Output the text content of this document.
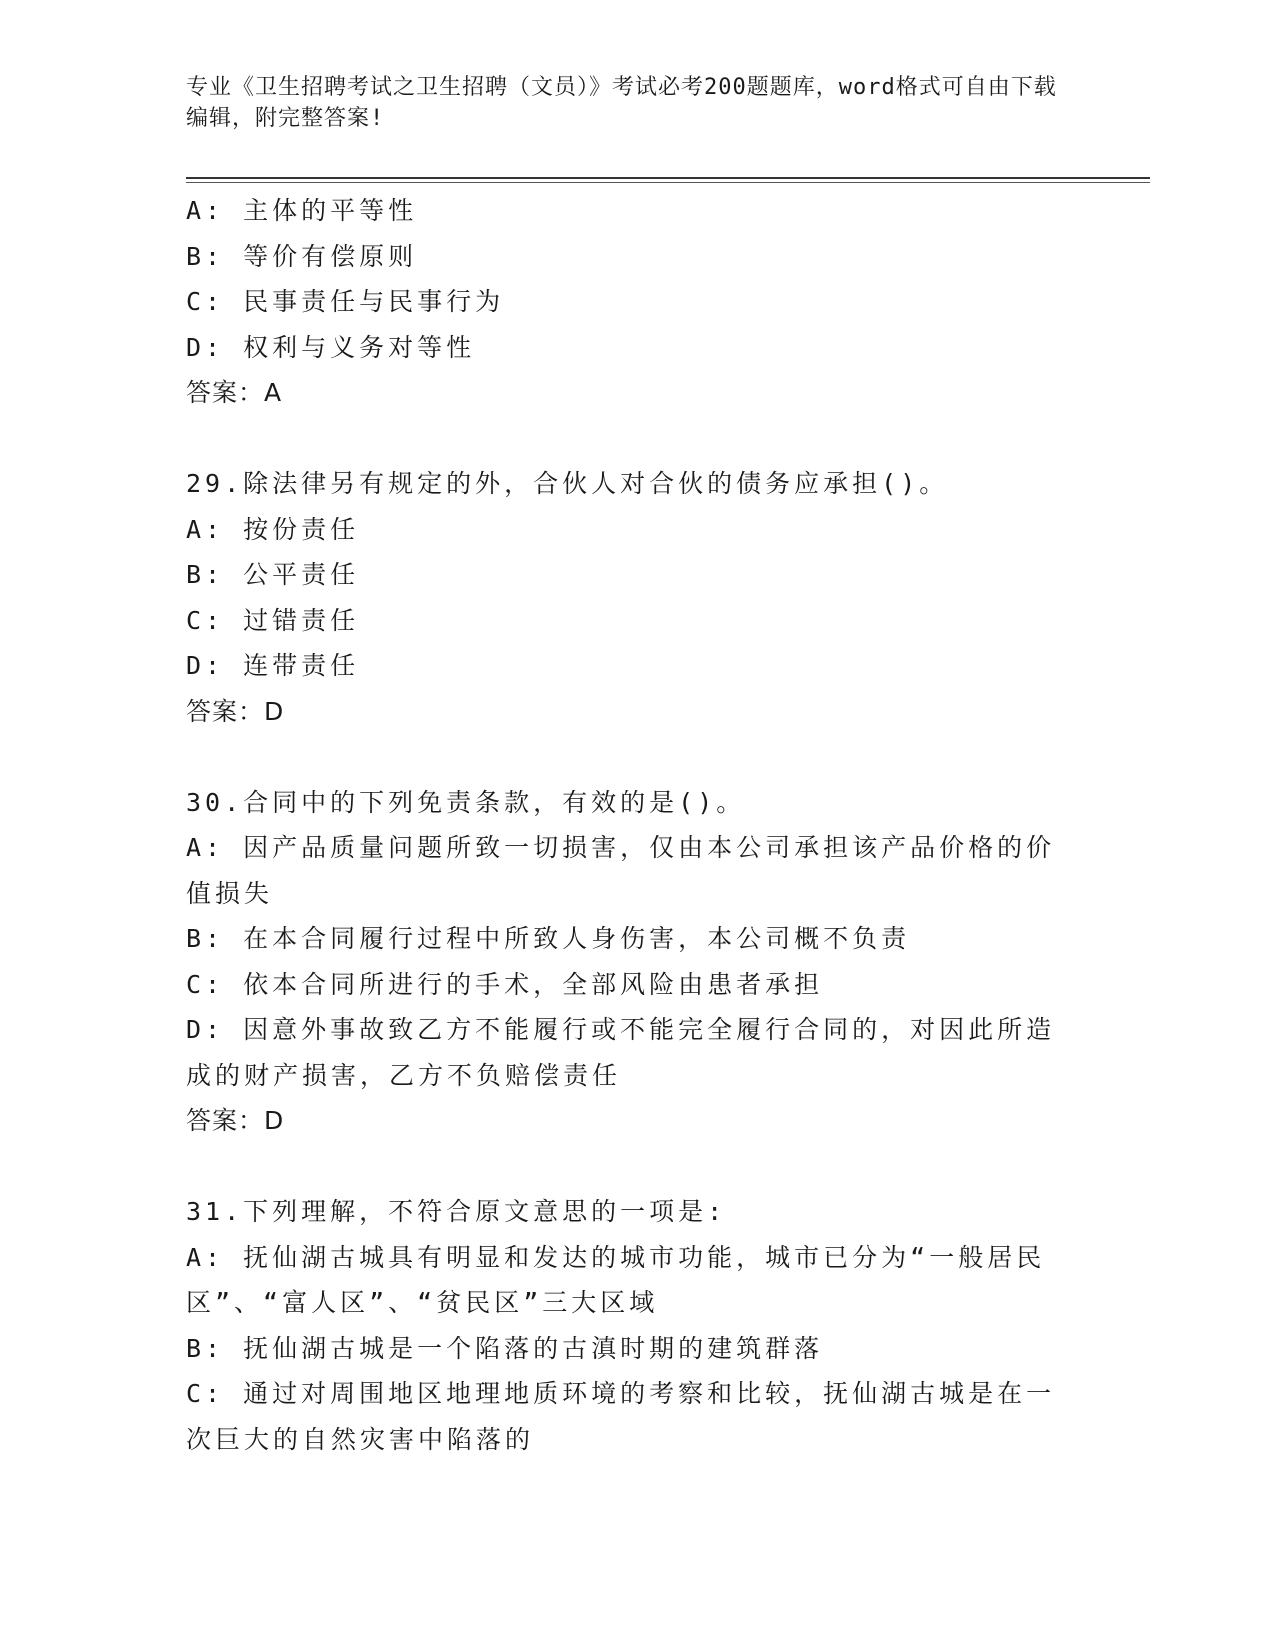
专业《卫生招聘考试之卫生招聘（文员）》考试必考200题题库，word格式可自由下载编辑，附完整答案!
A: 主体的平等性
B: 等价有偿原则
C: 民事责任与民事行为
D: 权利与义务对等性
答案：A
29.除法律另有规定的外，合伙人对合伙的债务应承担()。
A: 按份责任
B: 公平责任
C: 过错责任
D: 连带责任
答案：D
30.合同中的下列免责条款，有效的是()。
A: 因产品质量问题所致一切损害，仅由本公司承担该产品价格的价值损失
B: 在本合同履行过程中所致人身伤害，本公司概不负责
C: 依本合同所进行的手术，全部风险由患者承担
D: 因意外事故致乙方不能履行或不能完全履行合同的，对因此所造成的财产损害，乙方不负赔偿责任
答案：D
31.下列理解，不符合原文意思的一项是:
A: 抚仙湖古城具有明显和发达的城市功能，城市已分为“一般居民区”、“富人区”、“贫民区”三大区域
B: 抚仙湖古城是一个陷落的古滇时期的建筑群落
C: 通过对周围地区地理地质环境的考察和比较，抚仙湖古城是在一次巨大的自然灾害中陷落的
